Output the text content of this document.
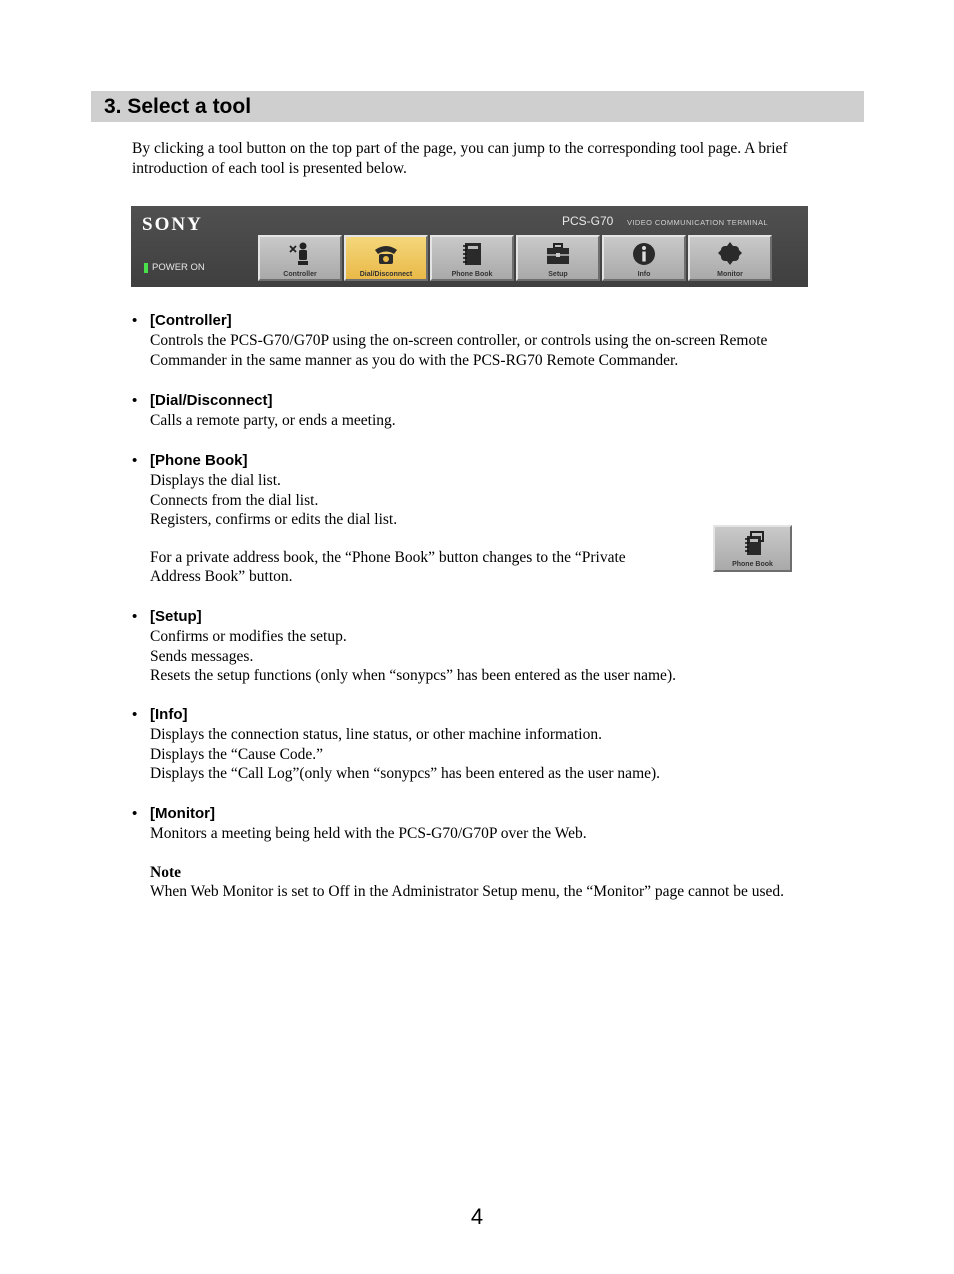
3. Select a tool

By clicking a tool button on the top part of the page, you can jump to the corresponding tool page. A brief introduction of each tool is presented below.

SONY	PCS-G70 VIDEO COMMUNICATION TERMINAL
POWER ON
Controller	Dial/Disconnect	Phone Book	Setup	Info	Monitor
• [Controller]
Controls the PCS-G70/G70P using the on-screen controller, or controls using the on-screen Remote
Commander in the same manner as you do with the PCS-RG70 Remote Commander.
• [Dial/Disconnect]
Calls a remote party, or ends a meeting.
• [Phone Book]
Displays the dial list.
Connects from the dial list.
Registers, confirms or edits the dial list.
For a private address book, the “Phone Book” button changes to the “Private
Address Book” button.
• [Setup]
Confirms or modifies the setup.
Sends messages.
Resets the setup functions (only when “sonypcs” has been entered as the user name).
• [Info]
Displays the connection status, line status, or other machine information.
Displays the “Cause Code.”
Displays the “Call Log”(only when “sonypcs” has been entered as the user name).
• [Monitor]
Monitors a meeting being held with the PCS-G70/G70P over the Web.
Note
When Web Monitor is set to Off in the Administrator Setup menu, the “Monitor” page cannot be used.
Phone Book
4
